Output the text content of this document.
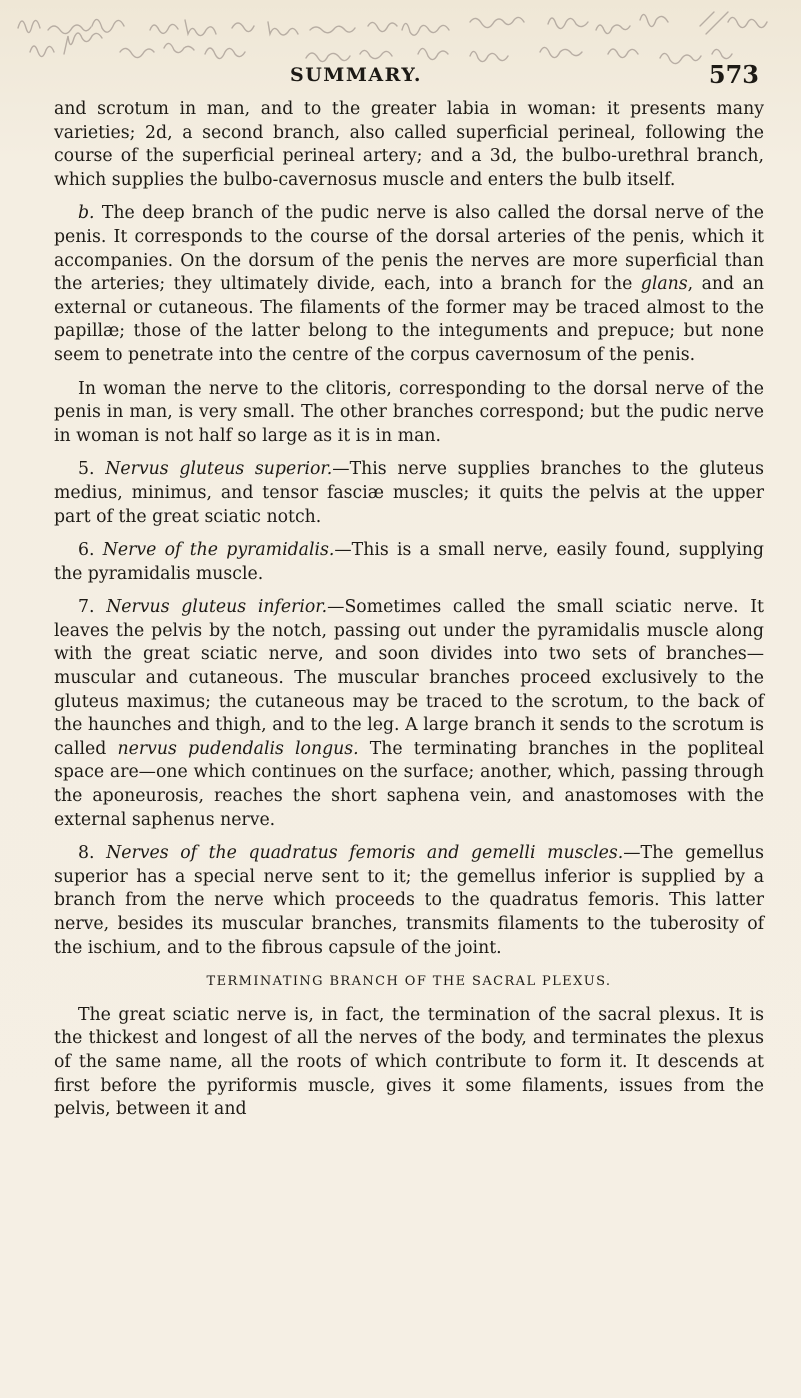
SUMMARY.	573

and scrotum in man, and to the greater labia in woman: it presents many varieties; 2d, a second branch, also called superficial perineal, following the course of the superficial perineal artery; and a 3d, the bulbo-urethral branch, which supplies the bulbo-cavernosus muscle and enters the bulb itself.

b. The deep branch of the pudic nerve is also called the dorsal nerve of the penis. It corresponds to the course of the dorsal arteries of the penis, which it accompanies. On the dorsum of the penis the nerves are more superficial than the arteries; they ultimately divide, each, into a branch for the glans, and an external or cutaneous. The filaments of the former may be traced almost to the papillæ; those of the latter belong to the integuments and prepuce; but none seem to penetrate into the centre of the corpus cavernosum of the penis.

In woman the nerve to the clitoris, corresponding to the dorsal nerve of the penis in man, is very small. The other branches correspond; but the pudic nerve in woman is not half so large as it is in man.

5. Nervus gluteus superior.—This nerve supplies branches to the gluteus medius, minimus, and tensor fasciæ muscles; it quits the pelvis at the upper part of the great sciatic notch.

6. Nerve of the pyramidalis.—This is a small nerve, easily found, supplying the pyramidalis muscle.

7. Nervus gluteus inferior.—Sometimes called the small sciatic nerve. It leaves the pelvis by the notch, passing out under the pyramidalis muscle along with the great sciatic nerve, and soon divides into two sets of branches—muscular and cutaneous. The muscular branches proceed exclusively to the gluteus maximus; the cutaneous may be traced to the scrotum, to the back of the haunches and thigh, and to the leg. A large branch it sends to the scrotum is called nervus pudendalis longus. The terminating branches in the popliteal space are—one which continues on the surface; another, which, passing through the aponeurosis, reaches the short saphena vein, and anastomoses with the external saphenus nerve.

8. Nerves of the quadratus femoris and gemelli muscles.—The gemellus superior has a special nerve sent to it; the gemellus inferior is supplied by a branch from the nerve which proceeds to the quadratus femoris. This latter nerve, besides its muscular branches, transmits filaments to the tuberosity of the ischium, and to the fibrous capsule of the joint.

TERMINATING BRANCH OF THE SACRAL PLEXUS.

The great sciatic nerve is, in fact, the termination of the sacral plexus. It is the thickest and longest of all the nerves of the body, and terminates the plexus of the same name, all the roots of which contribute to form it. It descends at first before the pyriformis muscle, gives it some filaments, issues from the pelvis, between it and
